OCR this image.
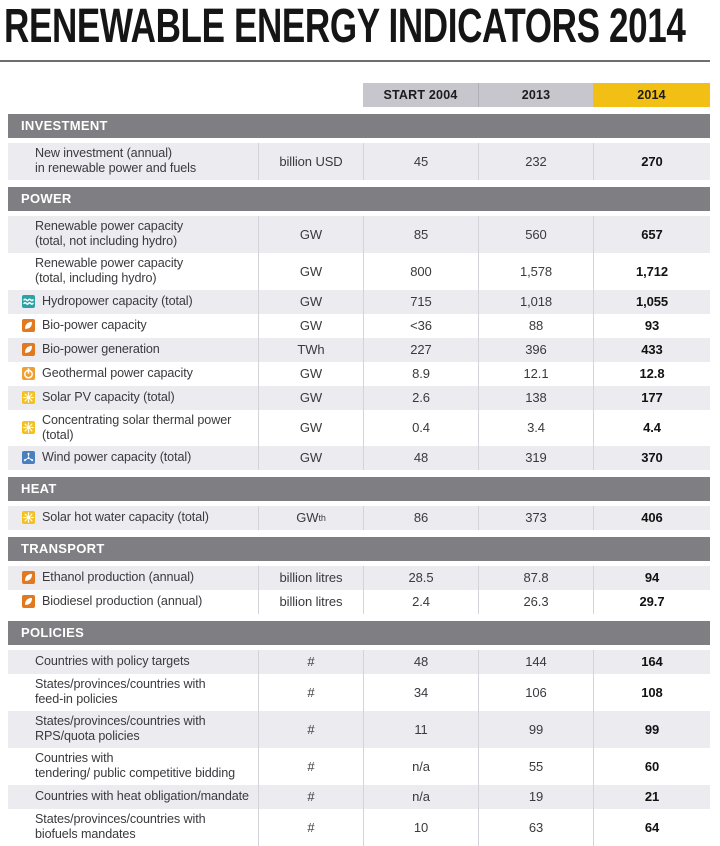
RENEWABLE ENERGY INDICATORS 2014
START 2004	2013	2014
INVESTMENT
New investment (annual)
in renewable power and fuels	billion USD	45	232	270
POWER
Renewable power capacity
(total, not including hydro)	GW	85	560	657
Renewable power capacity
(total, including hydro)	GW	800	1,578	1,712
Hydropower capacity (total)	GW	715	1,018	1,055
Bio-power capacity	GW	<36	88	93
Bio-power generation	TWh	227	396	433
Geothermal power capacity	GW	8.9	12.1	12.8
Solar PV capacity (total)	GW	2.6	138	177
Concentrating solar thermal power (total)	GW	0.4	3.4	4.4
Wind power capacity (total)	GW	48	319	370
HEAT
Solar hot water capacity (total)	GW th	86	373	406
TRANSPORT
Ethanol production (annual)	billion litres	28.5	87.8	94
Biodiesel production (annual)	billion litres	2.4	26.3	29.7
POLICIES
Countries with policy targets	#	48	144	164
States/provinces/countries with
feed-in policies	#	34	106	108
States/provinces/countries with
RPS/quota policies	#	11	99	99
Countries with
tendering/ public competitive bidding	#	n/a	55	60
Countries with heat obligation/mandate	#	n/a	19	21
States/provinces/countries with
biofuels mandates	#	10	63	64
